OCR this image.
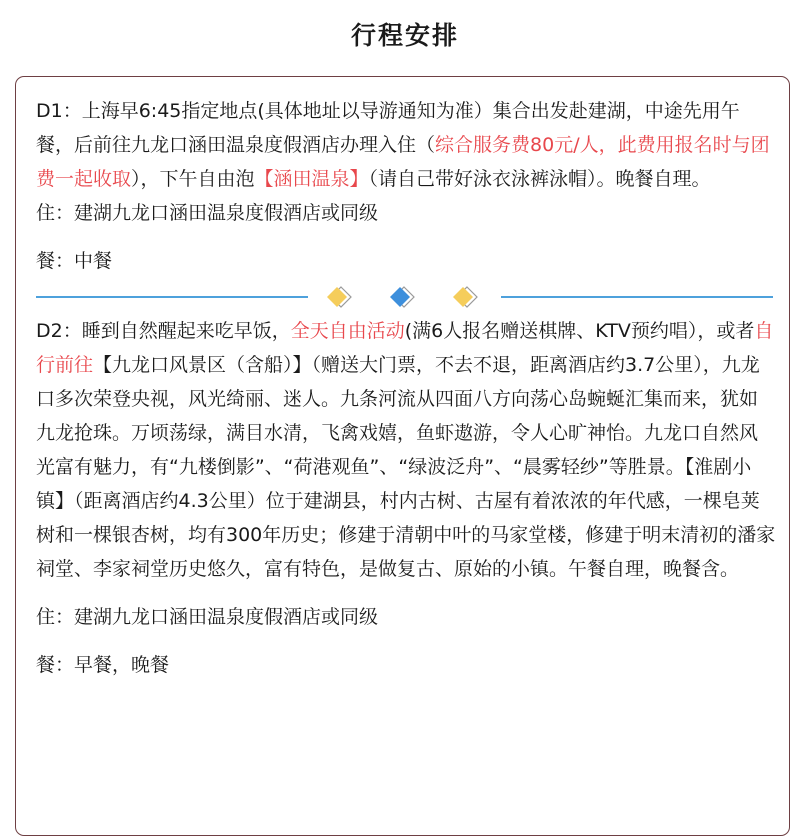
行程安排

D1：上海早6:45指定地点(具体地址以导游通知为准）集合出发赴建湖，中途先用午餐，后前往九龙口涵田温泉度假酒店办理入住（综合服务费80元/人，此费用报名时与团费一起收取），下午自由泡【涵田温泉】（请自己带好泳衣泳裤泳帽）。晚餐自理。

住：建湖九龙口涵田温泉度假酒店或同级

餐：中餐

D2：睡到自然醒起来吃早饭，全天自由活动(满6人报名赠送棋牌、KTV预约唱），或者自行前往【九龙口风景区（含船）】（赠送大门票，不去不退，距离酒店约3.7公里），九龙口多次荣登央视，风光绮丽、迷人。九条河流从四面八方向荡心岛蜿蜒汇集而来，犹如九龙抢珠。万顷荡绿，满目水清，飞禽戏嬉，鱼虾遨游，令人心旷神怡。九龙口自然风光富有魅力，有“九楼倒影”、“荷港观鱼”、“绿波泛舟”、“晨雾轻纱”等胜景。【淮剧小镇】（距离酒店约4.3公里）位于建湖县，村内古树、古屋有着浓浓的年代感，一棵皂荚树和一棵银杏树，均有300年历史；修建于清朝中叶的马家堂楼，修建于明末清初的潘家祠堂、李家祠堂历史悠久，富有特色，是做复古、原始的小镇。午餐自理，晚餐含。

住：建湖九龙口涵田温泉度假酒店或同级

餐：早餐，晚餐
